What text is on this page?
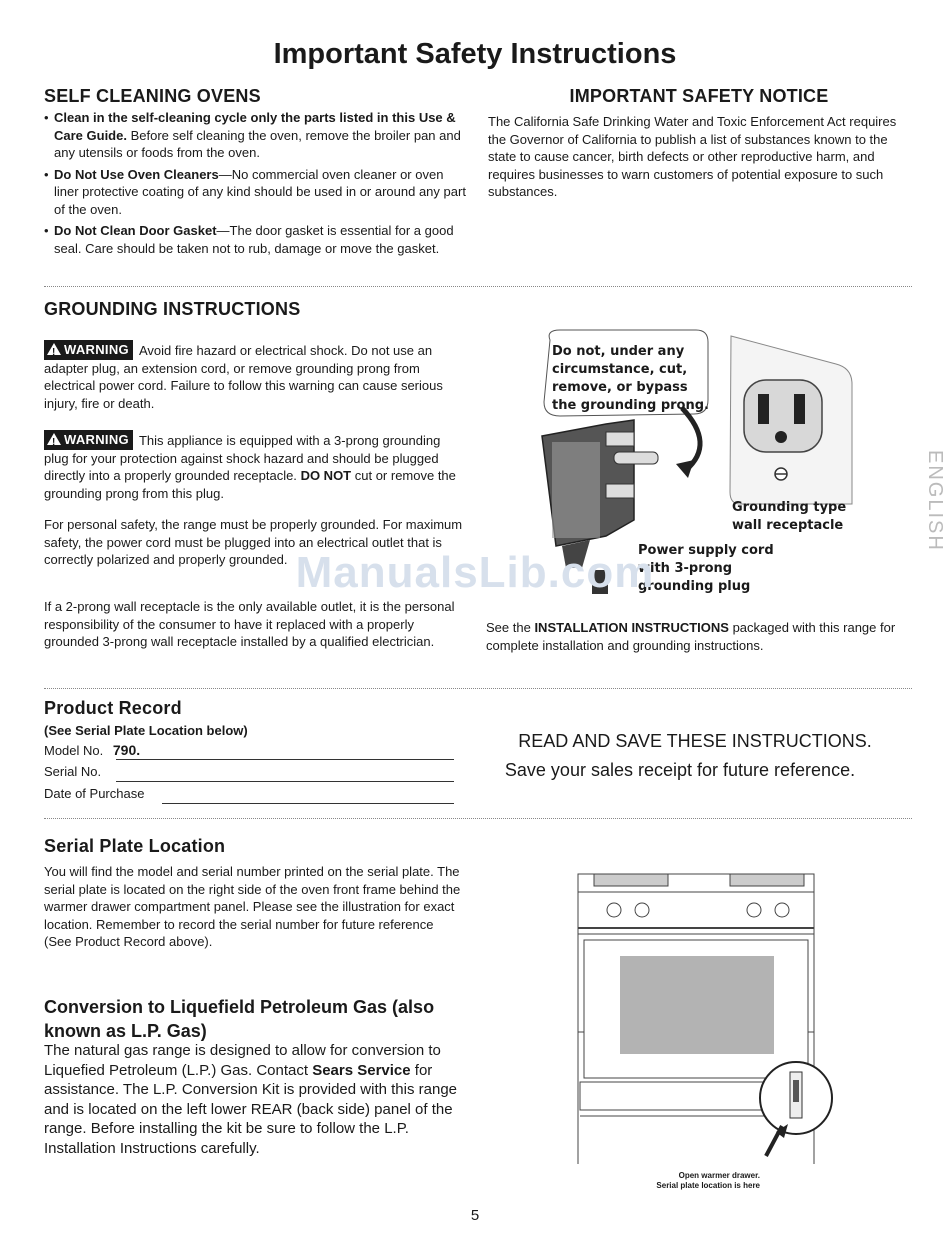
Important Safety Instructions
SELF CLEANING OVENS
• Clean in the self-cleaning cycle only the parts listed in this Use & Care Guide. Before self cleaning the oven, remove the broiler pan and any utensils or foods from the oven.
• Do Not Use Oven Cleaners—No commercial oven cleaner or oven liner protective coating of any kind should be used in or around any part of the oven.
• Do Not Clean Door Gasket—The door gasket is essential for a good seal. Care should be taken not to rub, damage or move the gasket.
IMPORTANT SAFETY NOTICE
The California Safe Drinking Water and Toxic Enforcement Act requires the Governor of California to publish a list of substances known to the state to cause cancer, birth defects or other reproductive harm, and requires businesses to warn customers of potential exposure to such substances.
GROUNDING INSTRUCTIONS
!WARNING Avoid fire hazard or electrical shock. Do not use an adapter plug, an extension cord, or remove grounding prong from electrical power cord. Failure to follow this warning can cause serious injury, fire or death.
!WARNING This appliance is equipped with a 3-prong grounding plug for your protection against shock hazard and should be plugged directly into a properly grounded receptacle. DO NOT cut or remove the grounding prong from this plug.
For personal safety, the range must be properly grounded. For maximum safety, the power cord must be plugged into an electrical outlet that is correctly polarized and properly grounded.
If a 2-prong wall receptacle is the only available outlet, it is the personal responsibility of the consumer to have it replaced with a properly grounded 3-prong wall receptacle installed by a qualified electrician.
Do not, under any circumstance, cut, remove, or bypass the grounding prong.
Grounding type
wall receptacle
Power supply cord
with 3-prong
grounding plug
See the INSTALLATION INSTRUCTIONS packaged with this range for complete installation and grounding instructions.
Product Record
(See Serial Plate Location below)
Model No. 790.
Serial No.
Date of Purchase
READ AND SAVE THESE INSTRUCTIONS.
Save your sales receipt for future reference.
Serial Plate Location
You will find the model and serial number printed on the serial plate. The serial plate is located on the right side of the oven front frame behind the warmer drawer compartment panel. Please see the illustration for exact location. Remember to record the serial number for future reference (See Product Record above).
Open warmer drawer.
Serial plate location is here
Conversion to Liquefield Petroleum Gas (also
known as L.P. Gas)
The natural gas range is designed to allow for conversion to Liquefied Petroleum (L.P.) Gas. Contact Sears Service for assistance. The L.P. Conversion Kit is provided with this range and is located on the left lower REAR (back side) panel of the range. Before installing the kit be sure to follow the L.P. Installation Instructions carefully.
ENGLISH
ManualsLib.com
5
